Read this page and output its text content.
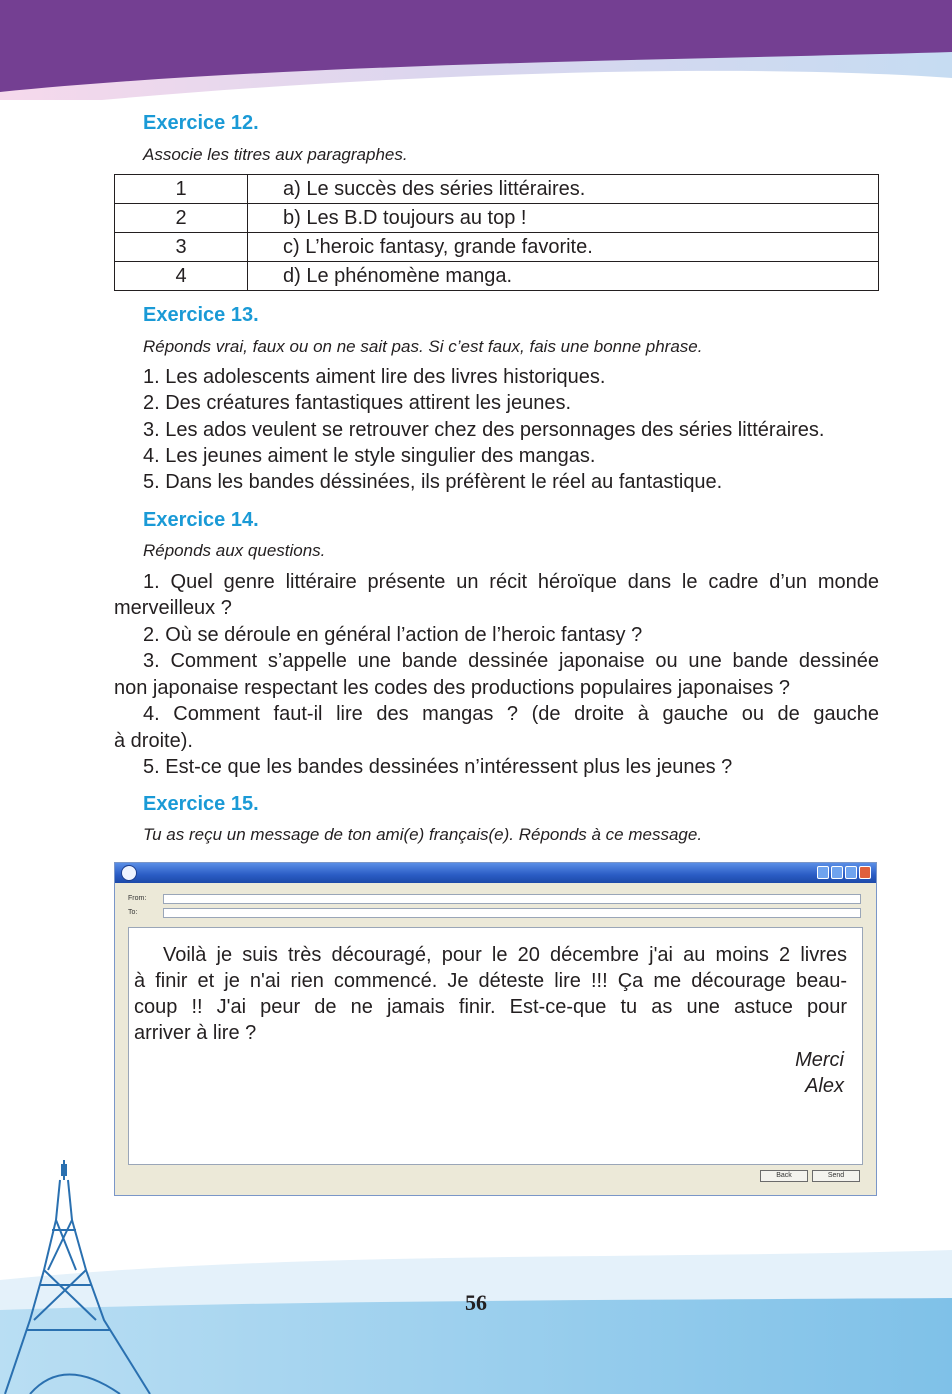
Exercice 12.

Associe les titres aux paragraphes.

1	a) Le succès des séries littéraires.
2	b) Les B.D toujours au top !
3	c) L’heroic fantasy, grande favorite.
4	d) Le phénomène manga.
Exercice 13.

Réponds vrai, faux ou on ne sait pas. Si c’est faux, fais une bonne phrase.

1. Les adolescents aiment lire des livres historiques.

2. Des créatures fantastiques attirent les jeunes.

3. Les ados veulent se retrouver chez des personnages des séries littéraires.

4. Les jeunes aiment le style singulier des mangas.

5. Dans les bandes déssinées, ils préfèrent le réel au fantastique.

Exercice 14.

Réponds aux questions.

1. Quel genre littéraire présente un récit héroïque dans le cadre d’un monde

merveilleux ?

2. Où se déroule en général l’action de l’heroic fantasy ?

3. Comment s’appelle une bande dessinée japonaise ou une bande dessinée

non japonaise respectant les codes des productions populaires japonaises ?

4. Comment faut-il lire des mangas ? (de droite à gauche ou de gauche

à droite).

5. Est-ce que les bandes dessinées n’intéressent plus les jeunes ?

Exercice 15.

Tu as reçu un message de ton ami(e) français(e). Réponds à ce message.

From:
To:

Voilà je suis très découragé, pour le 20 décembre j'ai au moins 2 livres

à finir et je n'ai rien commencé. Je déteste lire !!! Ça me décourage beau-

coup !! J'ai peur de ne jamais finir. Est-ce-que tu as une astuce pour

arriver à lire ?

Merci

Alex

Back	Send
56
